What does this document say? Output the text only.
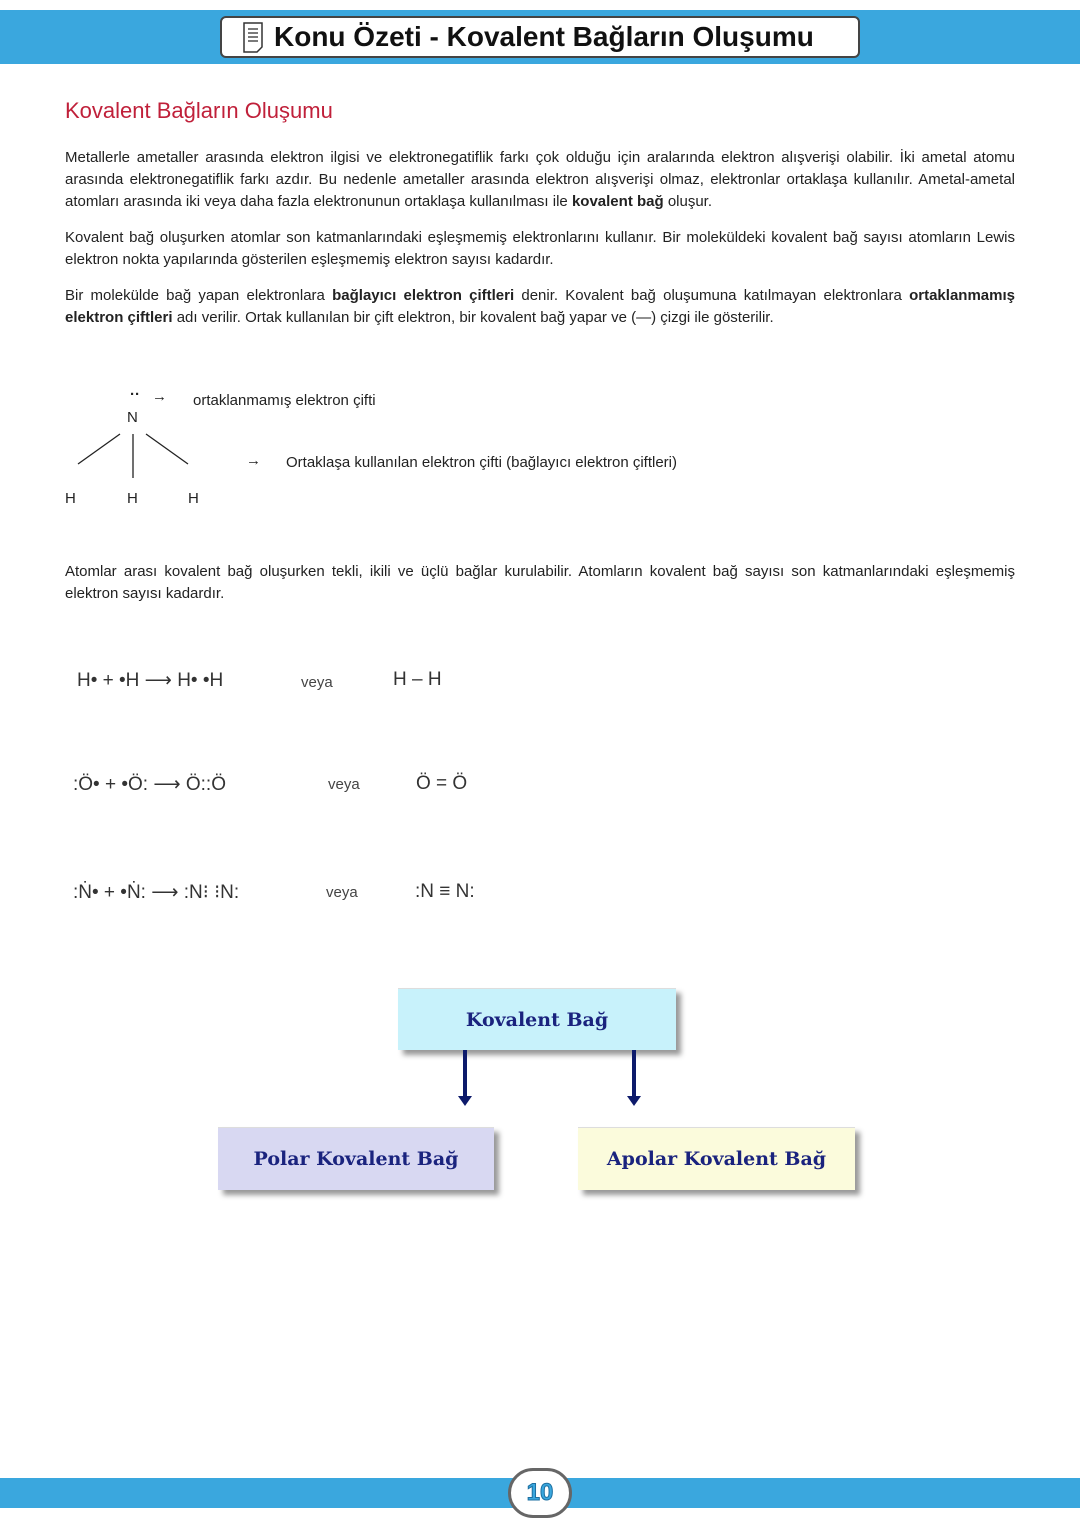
Konu Özeti - Kovalent Bağların Oluşumu
Kovalent Bağların Oluşumu

Metallerle ametaller arasında elektron ilgisi ve elektronegatiflik farkı çok olduğu için aralarında elektron alışverişi olabilir. İki ametal atomu arasında elektronegatiflik farkı azdır. Bu nedenle ametaller arasında elektron alışverişi olmaz, elektronlar ortaklaşa kullanılır. Ametal-ametal atomları arasında iki veya daha fazla elektronunun ortaklaşa kullanılması ile kovalent bağ oluşur.

Kovalent bağ oluşurken atomlar son katmanlarındaki eşleşmemiş elektronlarını kullanır. Bir moleküldeki kovalent bağ sayısı atomların Lewis elektron nokta yapılarında gösterilen eşleşmemiş elektron sayısı kadardır.

Bir molekülde bağ yapan elektronlara bağlayıcı elektron çiftleri denir. Kovalent bağ oluşumuna katılmayan elektronlara ortaklanmamış elektron çiftleri adı verilir. Ortak kullanılan bir çift elektron, bir kovalent bağ yapar ve (—) çizgi ile gösterilir.

·· → ortaklanmamış elektron çifti
N
H	H	H
→ Ortaklaşa kullanılan elektron çifti (bağlayıcı elektron çiftleri)

Atomlar arası kovalent bağ oluşurken tekli, ikili ve üçlü bağlar kurulabilir. Atomların kovalent bağ sayısı son katmanlarındaki eşleşmemiş elektron sayısı kadardır.

H• + •H ⟶ H• •H	veya	H – H
:Ö• + •Ö: ⟶ Ö::Ö	veya	Ö = Ö
:Ṅ• + •Ṅ: ⟶ :N⁝ ⁝N:	veya	:N ≡ N:
Kovalent Bağ
Polar Kovalent Bağ	Apolar Kovalent Bağ
10
